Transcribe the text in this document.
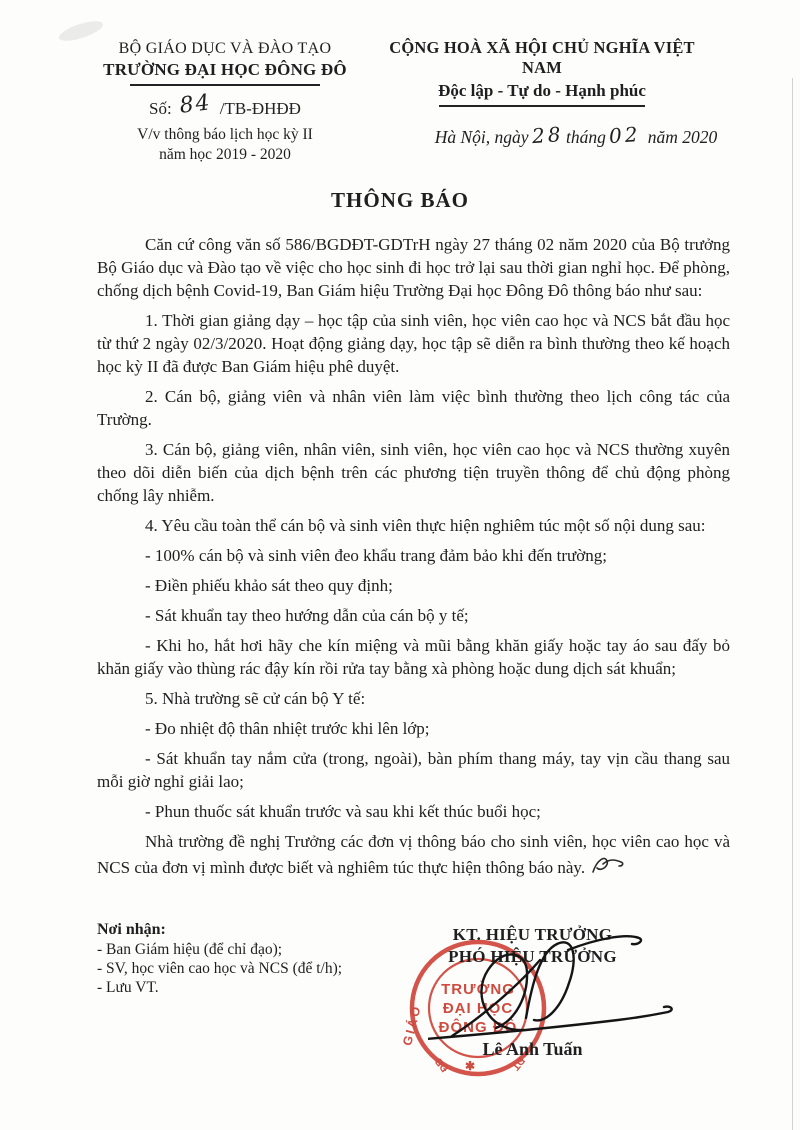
BỘ GIÁO DỤC VÀ ĐÀO TẠO
TRƯỜNG ĐẠI HỌC ĐÔNG ĐÔ
Số: 84 /TB-ĐHĐĐ
V/v thông báo lịch học kỳ II
năm học 2019 - 2020
CỘNG HOÀ XÃ HỘI CHỦ NGHĨA VIỆT NAM
Độc lập - Tự do - Hạnh phúc
Hà Nội, ngày 28 tháng 02 năm 2020
THÔNG BÁO

Căn cứ công văn số 586/BGDĐT-GDTrH ngày 27 tháng 02 năm 2020 của Bộ trưởng Bộ Giáo dục và Đào tạo về việc cho học sinh đi học trở lại sau thời gian nghỉ học. Để phòng, chống dịch bệnh Covid-19, Ban Giám hiệu Trường Đại học Đông Đô thông báo như sau:

1. Thời gian giảng dạy – học tập của sinh viên, học viên cao học và NCS bắt đầu học từ thứ 2 ngày 02/3/2020. Hoạt động giảng dạy, học tập sẽ diễn ra bình thường theo kế hoạch học kỳ II đã được Ban Giám hiệu phê duyệt.

2. Cán bộ, giảng viên và nhân viên làm việc bình thường theo lịch công tác của Trường.

3. Cán bộ, giảng viên, nhân viên, sinh viên, học viên cao học và NCS thường xuyên theo dõi diễn biến của dịch bệnh trên các phương tiện truyền thông để chủ động phòng chống lây nhiễm.

4. Yêu cầu toàn thể cán bộ và sinh viên thực hiện nghiêm túc một số nội dung sau:

- 100% cán bộ và sinh viên đeo khẩu trang đảm bảo khi đến trường;

- Điền phiếu khảo sát theo quy định;

- Sát khuẩn tay theo hướng dẫn của cán bộ y tế;

- Khi ho, hắt hơi hãy che kín miệng và mũi bằng khăn giấy hoặc tay áo sau đấy bỏ khăn giấy vào thùng rác đậy kín rồi rửa tay bằng xà phòng hoặc dung dịch sát khuẩn;

5. Nhà trường sẽ cử cán bộ Y tế:

- Đo nhiệt độ thân nhiệt trước khi lên lớp;

- Sát khuẩn tay nắm cửa (trong, ngoài), bàn phím thang máy, tay vịn cầu thang sau mỗi giờ nghỉ giải lao;

- Phun thuốc sát khuẩn trước và sau khi kết thúc buổi học;

Nhà trường đề nghị Trưởng các đơn vị thông báo cho sinh viên, học viên cao học và NCS của đơn vị mình được biết và nghiêm túc thực hiện thông báo này.

Nơi nhận:
- Ban Giám hiệu (để chỉ đạo);
- SV, học viên cao học và NCS (để t/h);
- Lưu VT.
KT. HIỆU TRƯỞNG
PHÓ HIỆU TRƯỞNG
TRƯỜNG
ĐẠI HỌC
ĐÔNG ĐÔ
GIÁO
ĐB	ĐT
✱
Lê Anh Tuấn
